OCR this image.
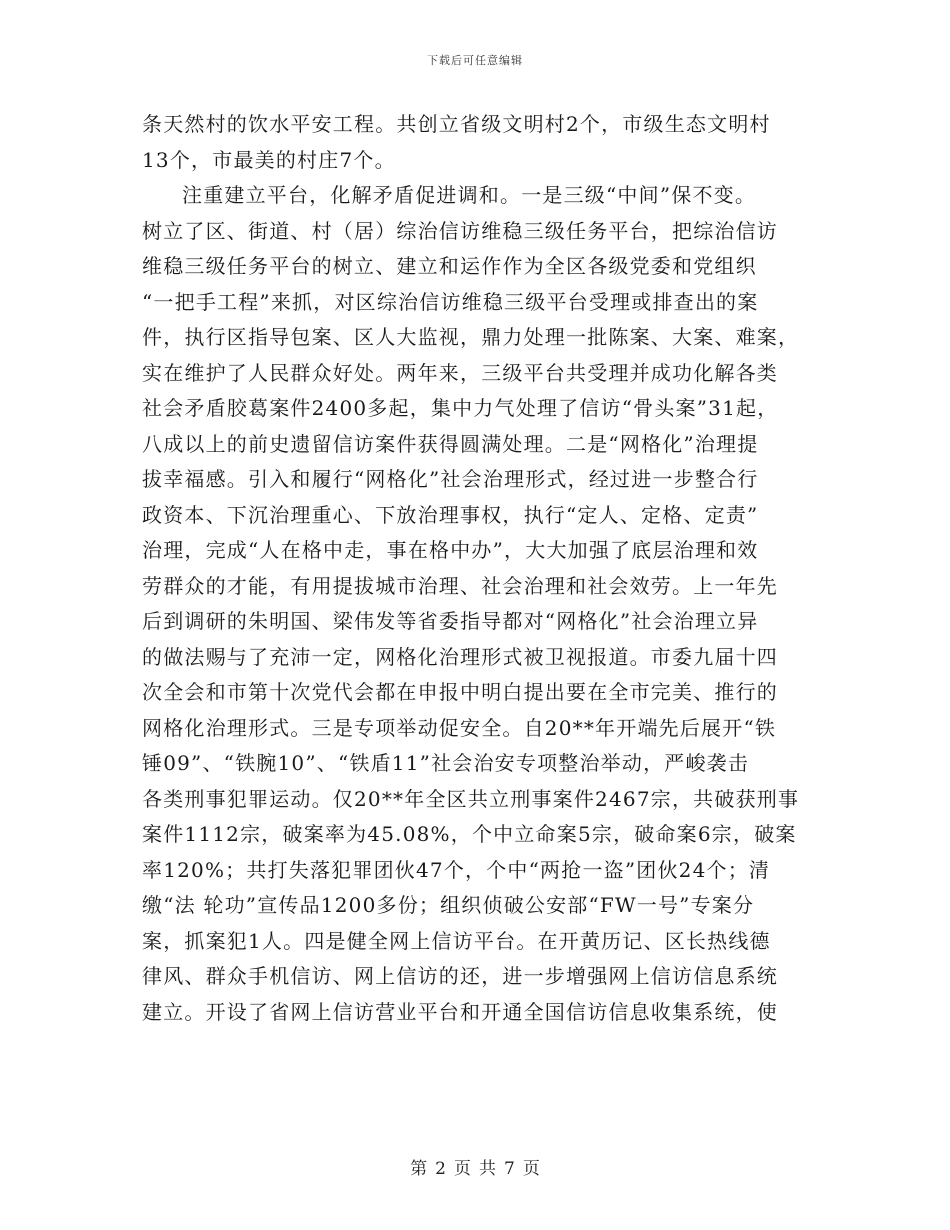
下载后可任意编辑
条天然村的饮水平安工程。共创立省级文明村2个，市级生态文明村
13个，市最美的村庄7个。
注重建立平台，化解矛盾促进调和。一是三级“中间”保不变。
树立了区、街道、村（居）综治信访维稳三级任务平台，把综治信访
维稳三级任务平台的树立、建立和运作作为全区各级党委和党组织
“一把手工程”来抓，对区综治信访维稳三级平台受理或排查出的案
件，执行区指导包案、区人大监视，鼎力处理一批陈案、大案、难案，
实在维护了人民群众好处。两年来，三级平台共受理并成功化解各类
社会矛盾胶葛案件2400多起，集中力气处理了信访“骨头案”31起，
八成以上的前史遗留信访案件获得圆满处理。二是“网格化”治理提
拔幸福感。引入和履行“网格化”社会治理形式，经过进一步整合行
政资本、下沉治理重心、下放治理事权，执行“定人、定格、定责”
治理，完成“人在格中走，事在格中办”，大大加强了底层治理和效
劳群众的才能，有用提拔城市治理、社会治理和社会效劳。上一年先
后到调研的朱明国、梁伟发等省委指导都对“网格化”社会治理立异
的做法赐与了充沛一定，网格化治理形式被卫视报道。市委九届十四
次全会和市第十次党代会都在申报中明白提出要在全市完美、推行的
网格化治理形式。三是专项举动促安全。自20**年开端先后展开“铁
锤09”、“铁腕10”、“铁盾11”社会治安专项整治举动，严峻袭击
各类刑事犯罪运动。仅20**年全区共立刑事案件2467宗，共破获刑事
案件1112宗，破案率为45.08%，个中立命案5宗，破命案6宗，破案
率120%；共打失落犯罪团伙47个，个中“两抢一盗”团伙24个；清
缴“法 轮功”宣传品1200多份；组织侦破公安部“FW一号”专案分
案，抓案犯1人。四是健全网上信访平台。在开黄历记、区长热线德
律风、群众手机信访、网上信访的还，进一步增强网上信访信息系统
建立。开设了省网上信访营业平台和开通全国信访信息收集系统，使
第 2 页 共 7 页
